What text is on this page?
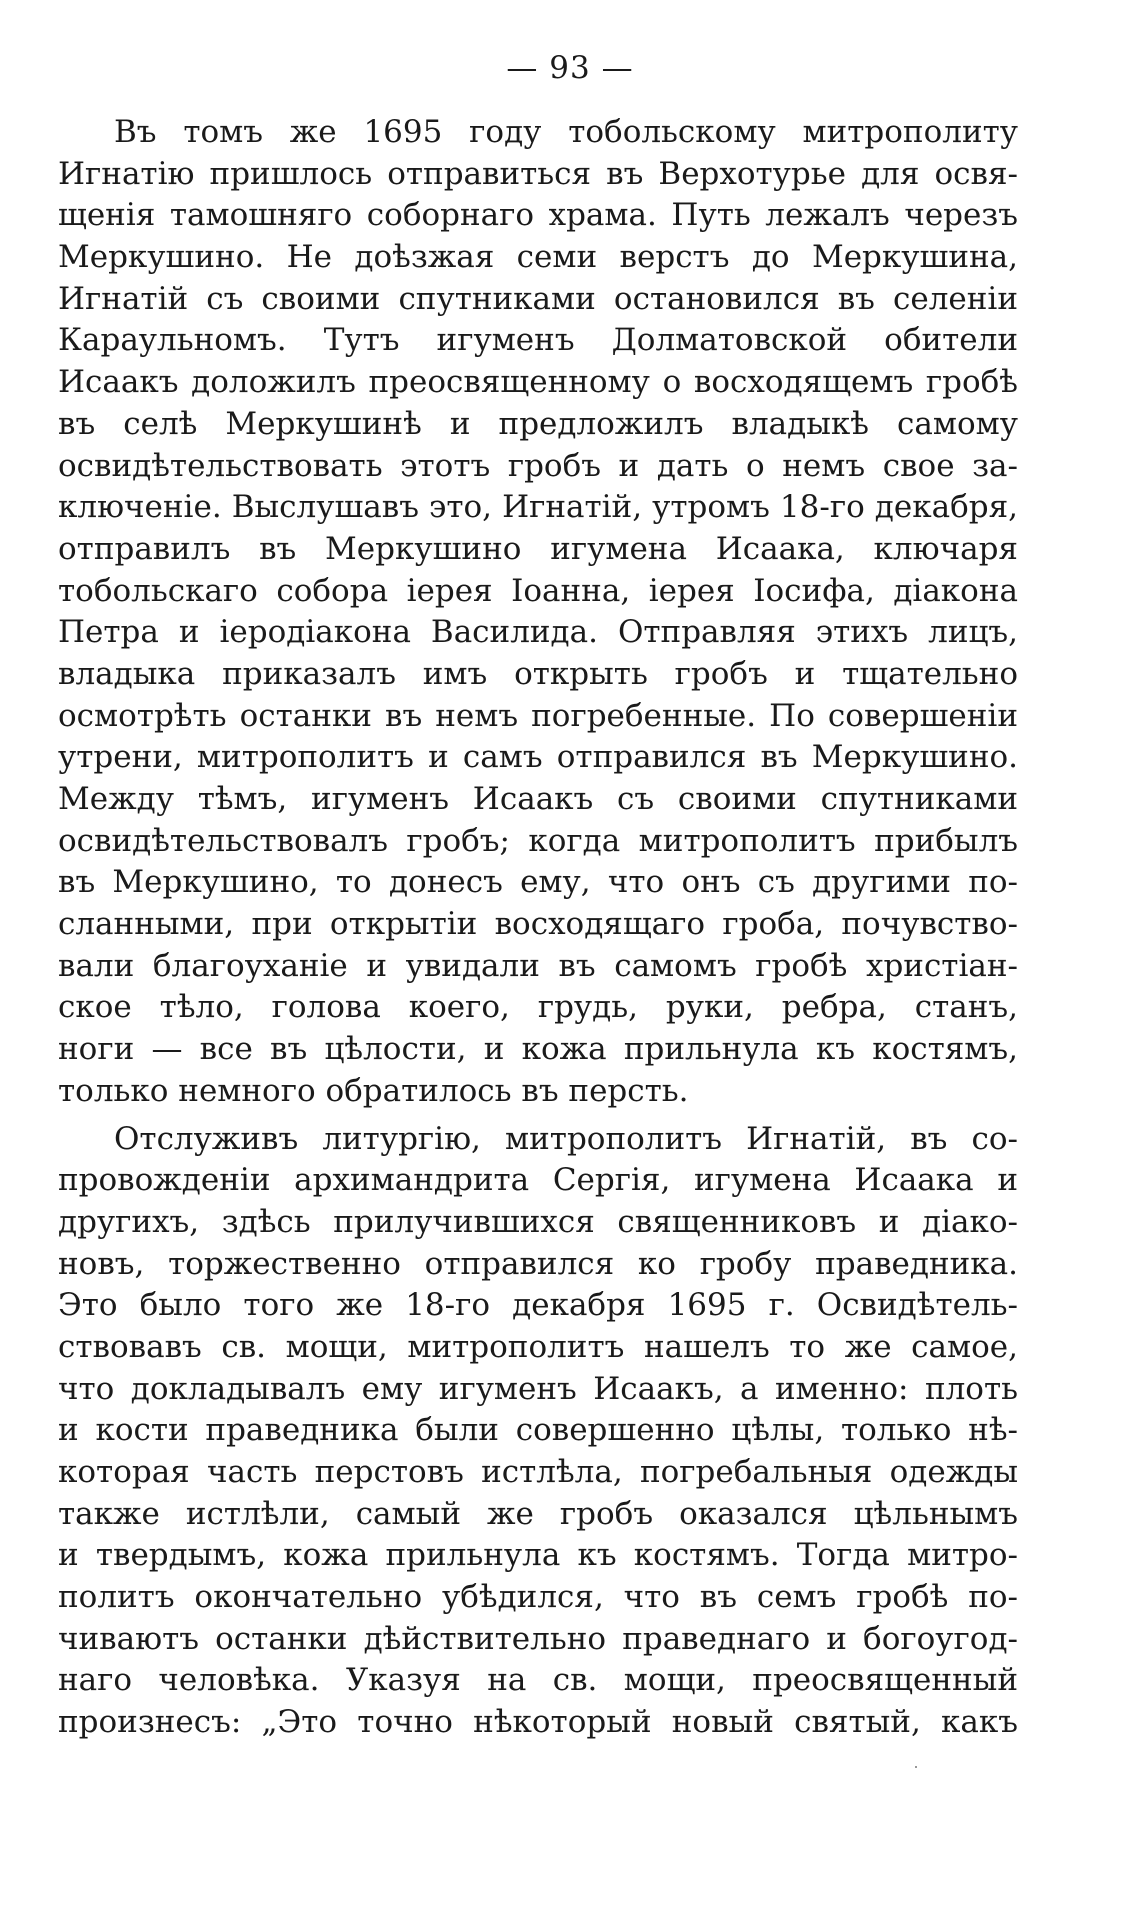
— 93 —
Въ томъ же 1695 году тобольскому митрополиту
Игнатію пришлось отправиться въ Верхотурье для освя-
щенія тамошняго соборнаго храма. Путь лежалъ черезъ
Меркушино. Не доѣзжая семи верстъ до Меркушина,
Игнатій съ своими спутниками остановился въ селеніи
Караульномъ. Тутъ игуменъ Долматовской обители
Исаакъ доложилъ преосвященному о восходящемъ гробѣ
въ селѣ Меркушинѣ и предложилъ владыкѣ самому
освидѣтельствовать этотъ гробъ и дать о немъ свое за-
ключеніе. Выслушавъ это, Игнатій, утромъ 18-го декабря,
отправилъ въ Меркушино игумена Исаака, ключаря
тобольскаго собора іерея Іоанна, іерея Іосифа, діакона
Петра и іеродіакона Василида. Отправляя этихъ лицъ,
владыка приказалъ имъ открыть гробъ и тщательно
осмотрѣть останки въ немъ погребенные. По совершеніи
утрени, митрополитъ и самъ отправился въ Меркушино.
Между тѣмъ, игуменъ Исаакъ съ своими спутниками
освидѣтельствовалъ гробъ; когда митрополитъ прибылъ
въ Меркушино, то донесъ ему, что онъ съ другими по-
сланными, при открытіи восходящаго гроба, почувство-
вали благоуханіе и увидали въ самомъ гробѣ христіан-
ское тѣло, голова коего, грудь, руки, ребра, станъ,
ноги — все въ цѣлости, и кожа прильнула къ костямъ,
только немного обратилось въ персть.
Отслуживъ литургію, митрополитъ Игнатій, въ со-
провожденіи архимандрита Сергія, игумена Исаака и
другихъ, здѣсь прилучившихся священниковъ и діако-
новъ, торжественно отправился ко гробу праведника.
Это было того же 18-го декабря 1695 г. Освидѣтель-
ствовавъ св. мощи, митрополитъ нашелъ то же самое,
что докладывалъ ему игуменъ Исаакъ, а именно: плоть
и кости праведника были совершенно цѣлы, только нѣ-
которая часть перстовъ истлѣла, погребальныя одежды
также истлѣли, самый же гробъ оказался цѣльнымъ
и твердымъ, кожа прильнула къ костямъ. Тогда митро-
политъ окончательно убѣдился, что въ семъ гробѣ по-
чиваютъ останки дѣйствительно праведнаго и богоугод-
наго человѣка. Указуя на св. мощи, преосвященный
произнесъ: „Это точно нѣкоторый новый святый, какъ
